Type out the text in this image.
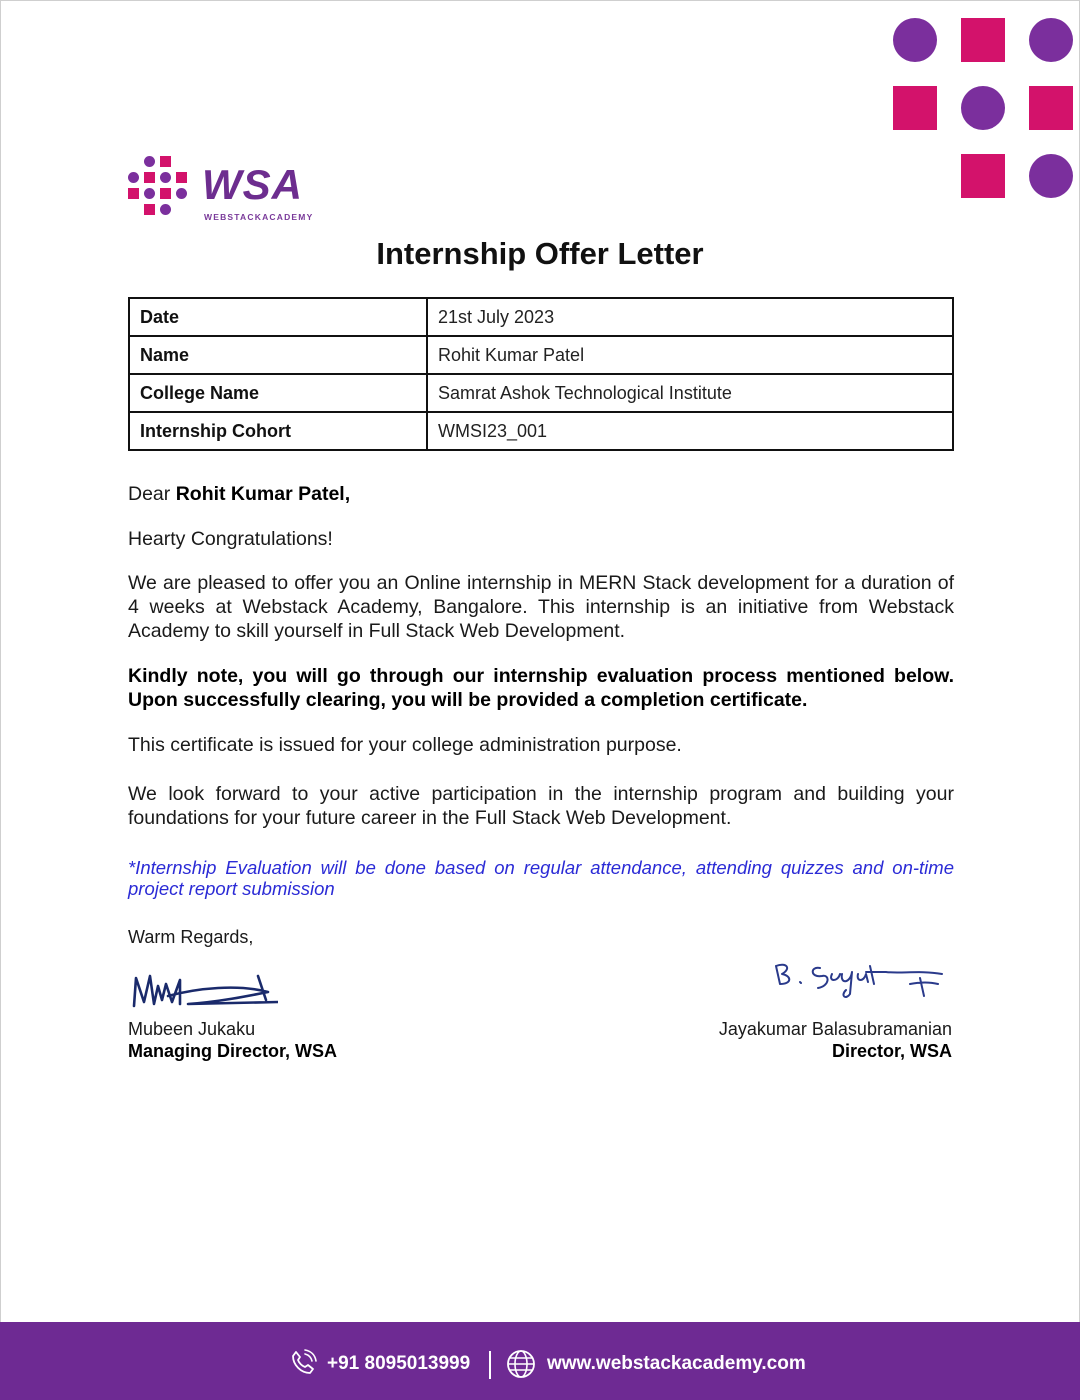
WSA
WEBSTACKACADEMY
Internship Offer Letter
Date	21st July 2023
Name	Rohit Kumar Patel
College Name	Samrat Ashok Technological Institute
Internship Cohort	WMSI23_001
Dear Rohit Kumar Patel,
Hearty Congratulations!
We are pleased to offer you an Online internship in MERN Stack development for a duration of 4 weeks at Webstack Academy, Bangalore. This internship is an initiative from Webstack Academy to skill yourself in Full Stack Web Development.
Kindly note, you will go through our internship evaluation process mentioned below. Upon successfully clearing, you will be provided a completion certificate.
This certificate is issued for your college administration purpose.
We look forward to your active participation in the internship program and building your foundations for your future career in the Full Stack Web Development.
*Internship Evaluation will be done based on regular attendance, attending quizzes and on-time project report submission
Warm Regards,
Mubeen Jukaku
Managing Director, WSA
Jayakumar Balasubramanian
Director, WSA
+91 8095013999	www.webstackacademy.com
